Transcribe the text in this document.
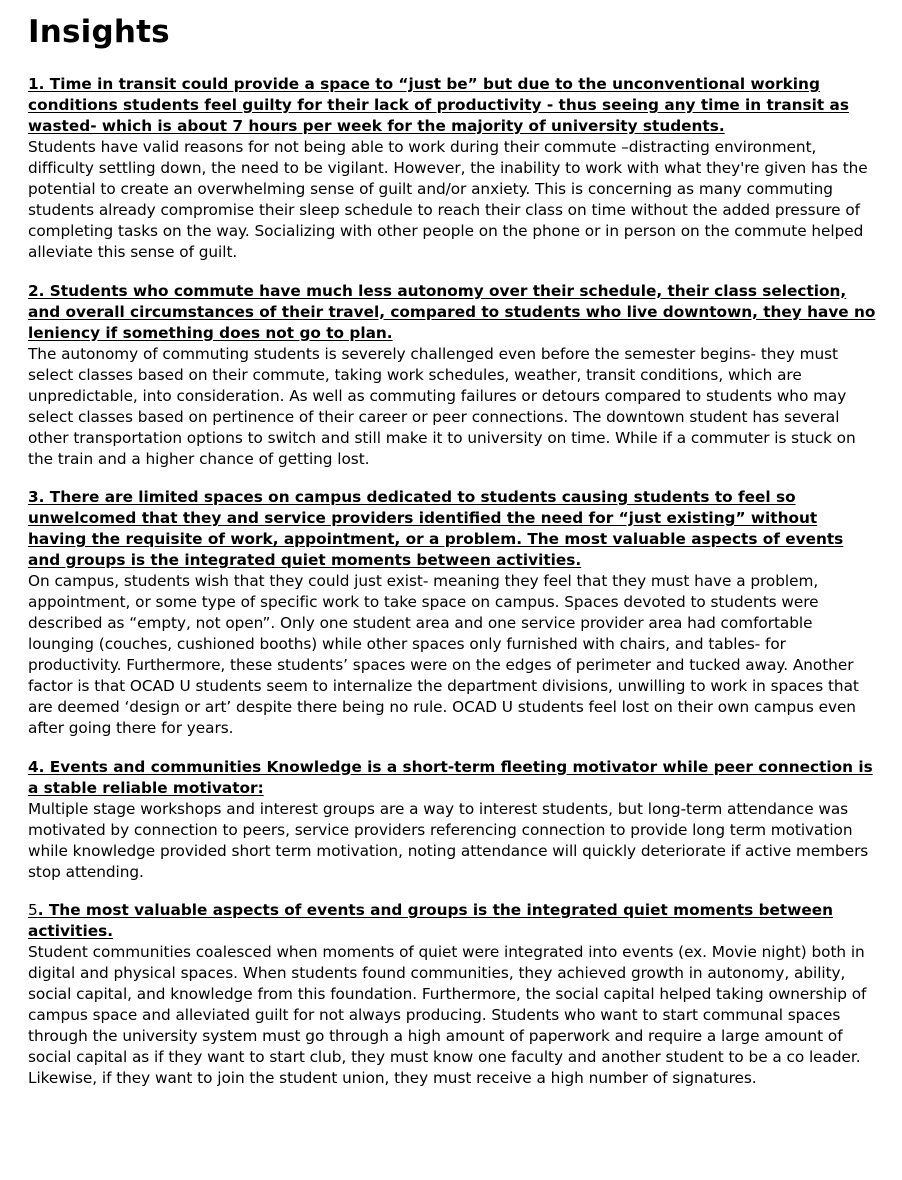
Insights

1. Time in transit could provide a space to “just be” but due to the unconventional working conditions students feel guilty for their lack of productivity - thus seeing any time in transit as wasted- which is about 7 hours per week for the majority of university students.

Students have valid reasons for not being able to work during their commute –distracting environment, difficulty settling down, the need to be vigilant. However, the inability to work with what they're given has the potential to create an overwhelming sense of guilt and/or anxiety. This is concerning as many commuting students already compromise their sleep schedule to reach their class on time without the added pressure of completing tasks on the way. Socializing with other people on the phone or in person on the commute helped alleviate this sense of guilt.

2. Students who commute have much less autonomy over their schedule, their class selection, and overall circumstances of their travel, compared to students who live downtown, they have no leniency if something does not go to plan.

The autonomy of commuting students is severely challenged even before the semester begins- they must select classes based on their commute, taking work schedules, weather, transit conditions, which are unpredictable, into consideration. As well as commuting failures or detours compared to students who may select classes based on pertinence of their career or peer connections. The downtown student has several other transportation options to switch and still make it to university on time. While if a commuter is stuck on the train and a higher chance of getting lost.

3. There are limited spaces on campus dedicated to students causing students to feel so unwelcomed that they and service providers identified the need for “just existing” without having the requisite of work, appointment, or a problem. The most valuable aspects of events and groups is the integrated quiet moments between activities.

On campus, students wish that they could just exist- meaning they feel that they must have a problem, appointment, or some type of specific work to take space on campus. Spaces devoted to students were described as “empty, not open”. Only one student area and one service provider area had comfortable lounging (couches, cushioned booths) while other spaces only furnished with chairs, and tables- for productivity. Furthermore, these students’ spaces were on the edges of perimeter and tucked away. Another factor is that OCAD U students seem to internalize the department divisions, unwilling to work in spaces that are deemed ‘design or art’ despite there being no rule. OCAD U students feel lost on their own campus even after going there for years.

4. Events and communities Knowledge is a short-term fleeting motivator while peer connection is a stable reliable motivator:

Multiple stage workshops and interest groups are a way to interest students, but long-term attendance was motivated by connection to peers, service providers referencing connection to provide long term motivation while knowledge provided short term motivation, noting attendance will quickly deteriorate if active members stop attending.

5. The most valuable aspects of events and groups is the integrated quiet moments between activities.

Student communities coalesced when moments of quiet were integrated into events (ex. Movie night) both in digital and physical spaces. When students found communities, they achieved growth in autonomy, ability, social capital, and knowledge from this foundation. Furthermore, the social capital helped taking ownership of campus space and alleviated guilt for not always producing. Students who want to start communal spaces through the university system must go through a high amount of paperwork and require a large amount of social capital as if they want to start club, they must know one faculty and another student to be a co leader. Likewise, if they want to join the student union, they must receive a high number of signatures.
